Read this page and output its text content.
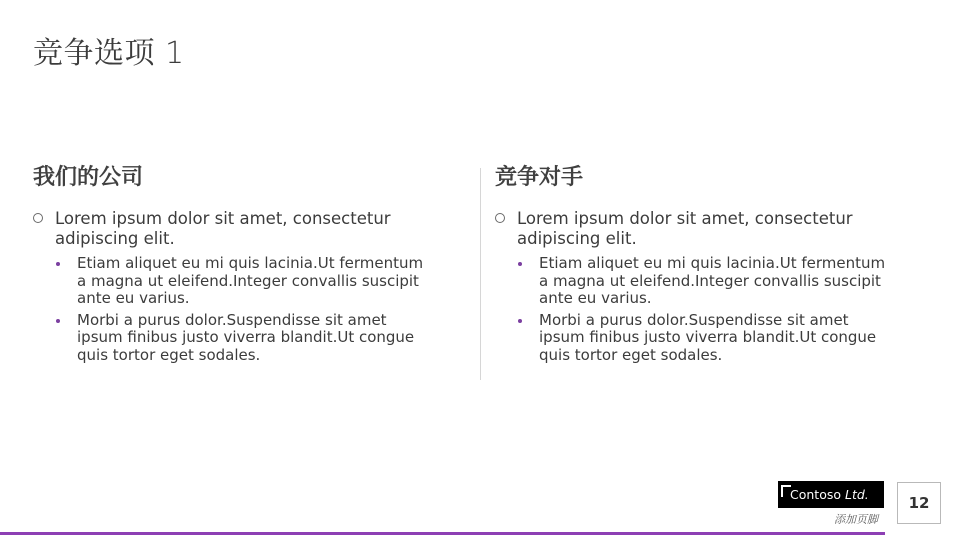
竞争选项 1
我们的公司
Lorem ipsum dolor sit amet, consectetur adipiscing elit.
Etiam aliquet eu mi quis lacinia.Ut fermentum a magna ut eleifend.Integer convallis suscipit ante eu varius.
Morbi a purus dolor.Suspendisse sit amet ipsum finibus justo viverra blandit.Ut congue quis tortor eget sodales.
竞争对手
Lorem ipsum dolor sit amet, consectetur adipiscing elit.
Etiam aliquet eu mi quis lacinia.Ut fermentum a magna ut eleifend.Integer convallis suscipit ante eu varius.
Morbi a purus dolor.Suspendisse sit amet ipsum finibus justo viverra blandit.Ut congue quis tortor eget sodales.
Contoso Ltd.
添加页脚
12
